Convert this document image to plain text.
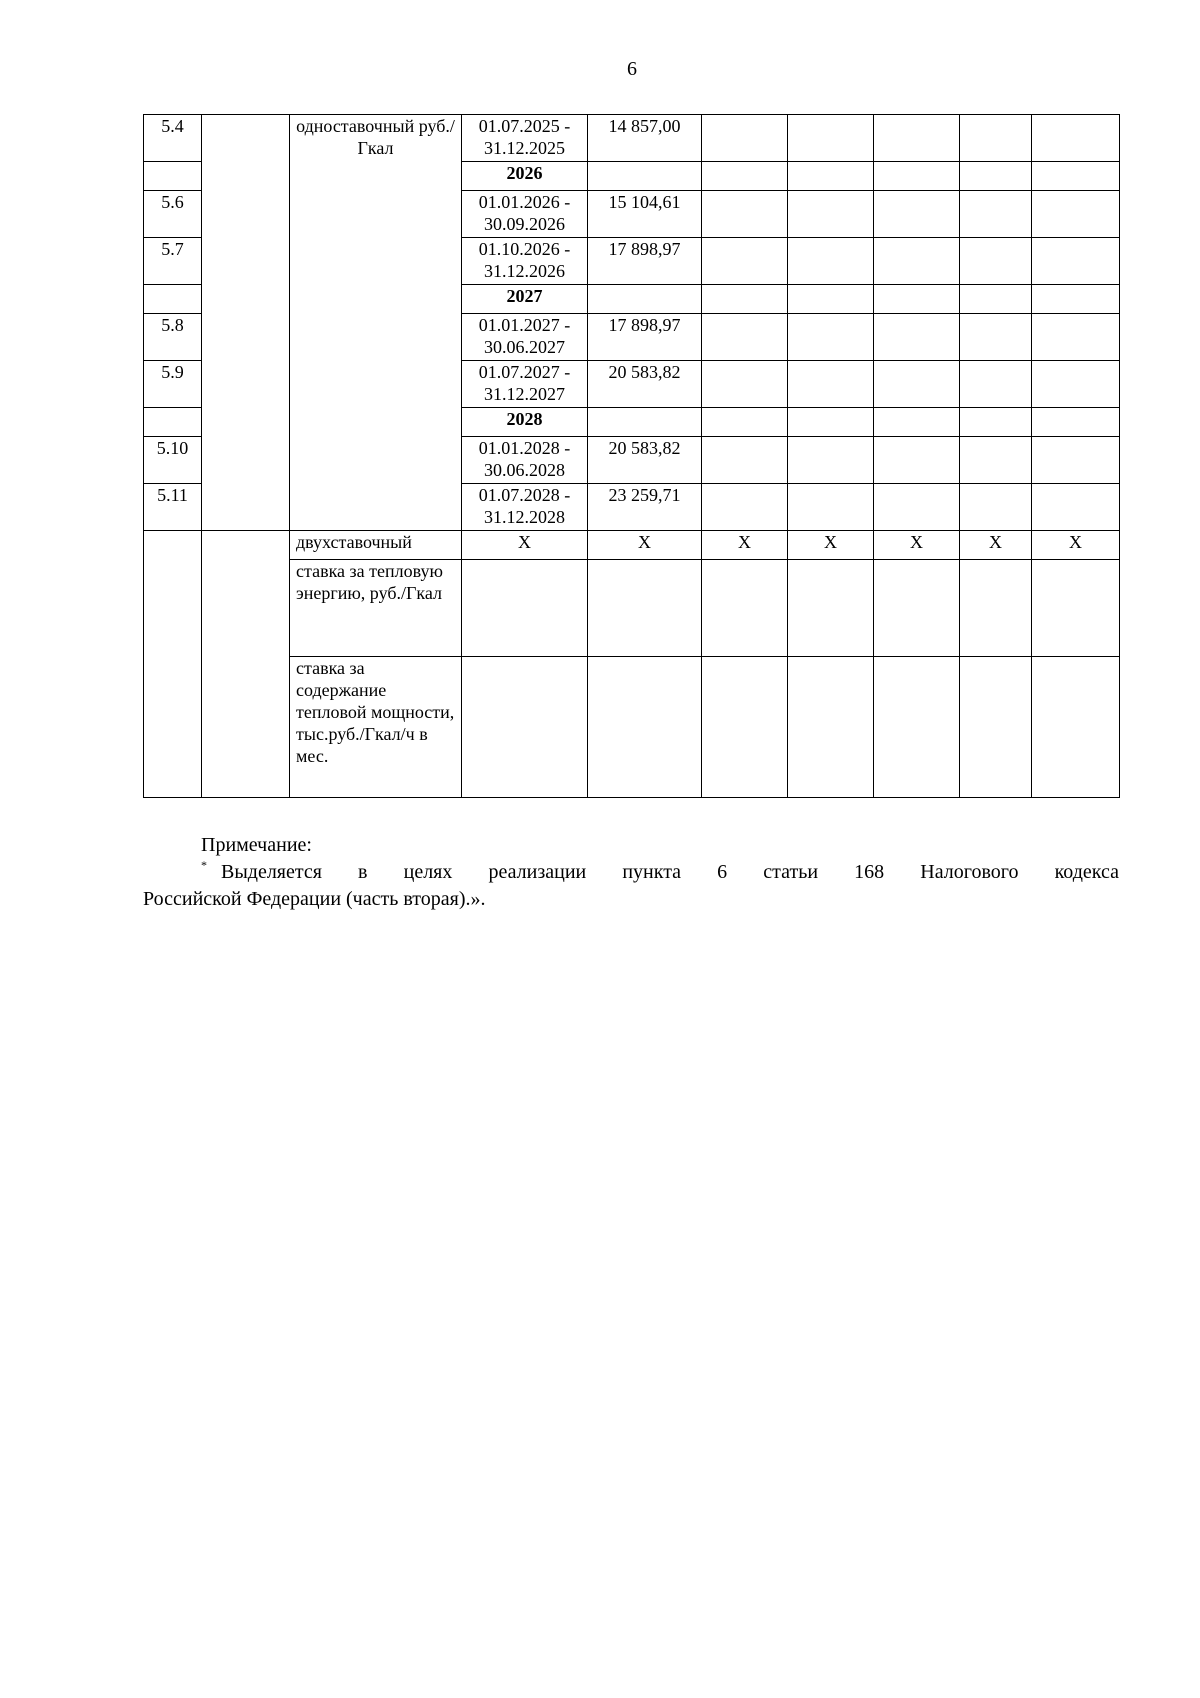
6
5.4		одноставочный руб./Гкал	01.07.2025 - 31.12.2025	14 857,00					
			2026						
5.6			01.01.2026 - 30.09.2026	15 104,61					
5.7			01.10.2026 - 31.12.2026	17 898,97					
			2027						
5.8			01.01.2027 - 30.06.2027	17 898,97					
5.9			01.07.2027 - 31.12.2027	20 583,82					
			2028						
5.10			01.01.2028 - 30.06.2028	20 583,82					
5.11			01.07.2028 - 31.12.2028	23 259,71					
		двухставочный	Х	Х	Х	Х	Х	Х	Х
		ставка за тепловую энергию, руб./Гкал							
		ставка за содержание тепловой мощности, тыс.руб./Гкал/ч в мес.							
Примечание:
* Выделяется в целях реализации пункта 6 статьи 168 Налогового кодекса
Российской Федерации (часть вторая).».
